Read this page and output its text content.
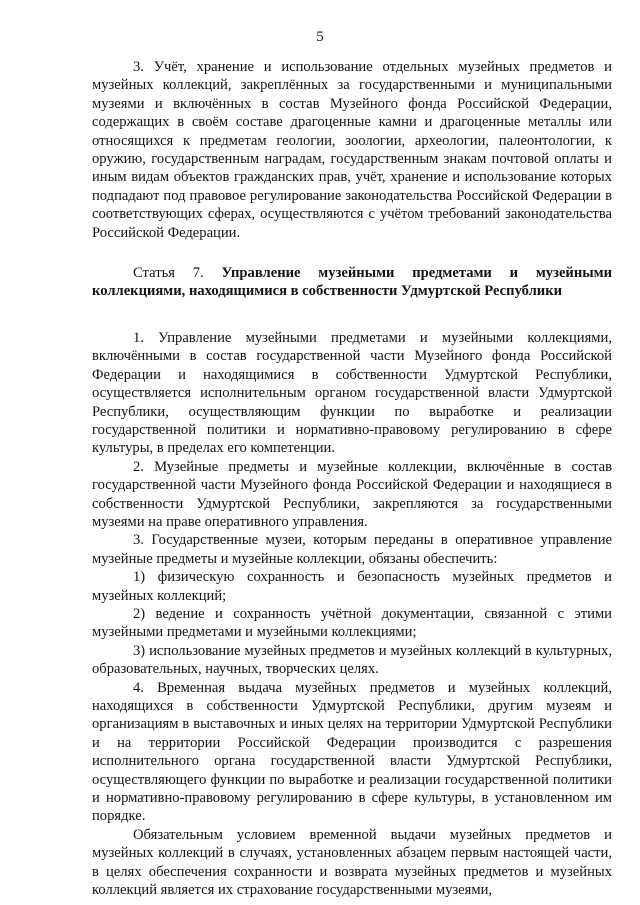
5

3. Учёт, хранение и использование отдельных музейных предметов и музейных коллекций, закреплённых за государственными и муниципальными музеями и включённых в состав Музейного фонда Российской Федерации, содержащих в своём составе драгоценные камни и драгоценные металлы или относящихся к предметам геологии, зоологии, археологии, палеонтологии, к оружию, государственным наградам, государственным знакам почтовой оплаты и иным видам объектов гражданских прав, учёт, хранение и использование которых подпадают под правовое регулирование законодательства Российской Федерации в соответствующих сферах, осуществляются с учётом требований законодательства Российской Федерации.

Статья 7. Управление музейными предметами и музейными коллекциями, находящимися в собственности Удмуртской Республики

1. Управление музейными предметами и музейными коллекциями, включёнными в состав государственной части Музейного фонда Российской Федерации и находящимися в собственности Удмуртской Республики, осуществляется исполнительным органом государственной власти Удмуртской Республики, осуществляющим функции по выработке и реализации государственной политики и нормативно-правовому регулированию в сфере культуры, в пределах его компетенции.

2. Музейные предметы и музейные коллекции, включённые в состав государственной части Музейного фонда Российской Федерации и находящиеся в собственности Удмуртской Республики, закрепляются за государственными музеями на праве оперативного управления.

3. Государственные музеи, которым переданы в оперативное управление музейные предметы и музейные коллекции, обязаны обеспечить:

1) физическую сохранность и безопасность музейных предметов и музейных коллекций;

2) ведение и сохранность учётной документации, связанной с этими музейными предметами и музейными коллекциями;

3) использование музейных предметов и музейных коллекций в культурных, образовательных, научных, творческих целях.

4. Временная выдача музейных предметов и музейных коллекций, находящихся в собственности Удмуртской Республики, другим музеям и организациям в выставочных и иных целях на территории Удмуртской Республики и на территории Российской Федерации производится с разрешения исполнительного органа государственной власти Удмуртской Республики, осуществляющего функции по выработке и реализации государственной политики и нормативно-правовому регулированию в сфере культуры, в установленном им порядке.

Обязательным условием временной выдачи музейных предметов и музейных коллекций в случаях, установленных абзацем первым настоящей части, в целях обеспечения сохранности и возврата музейных предметов и музейных коллекций является их страхование государственными музеями,
